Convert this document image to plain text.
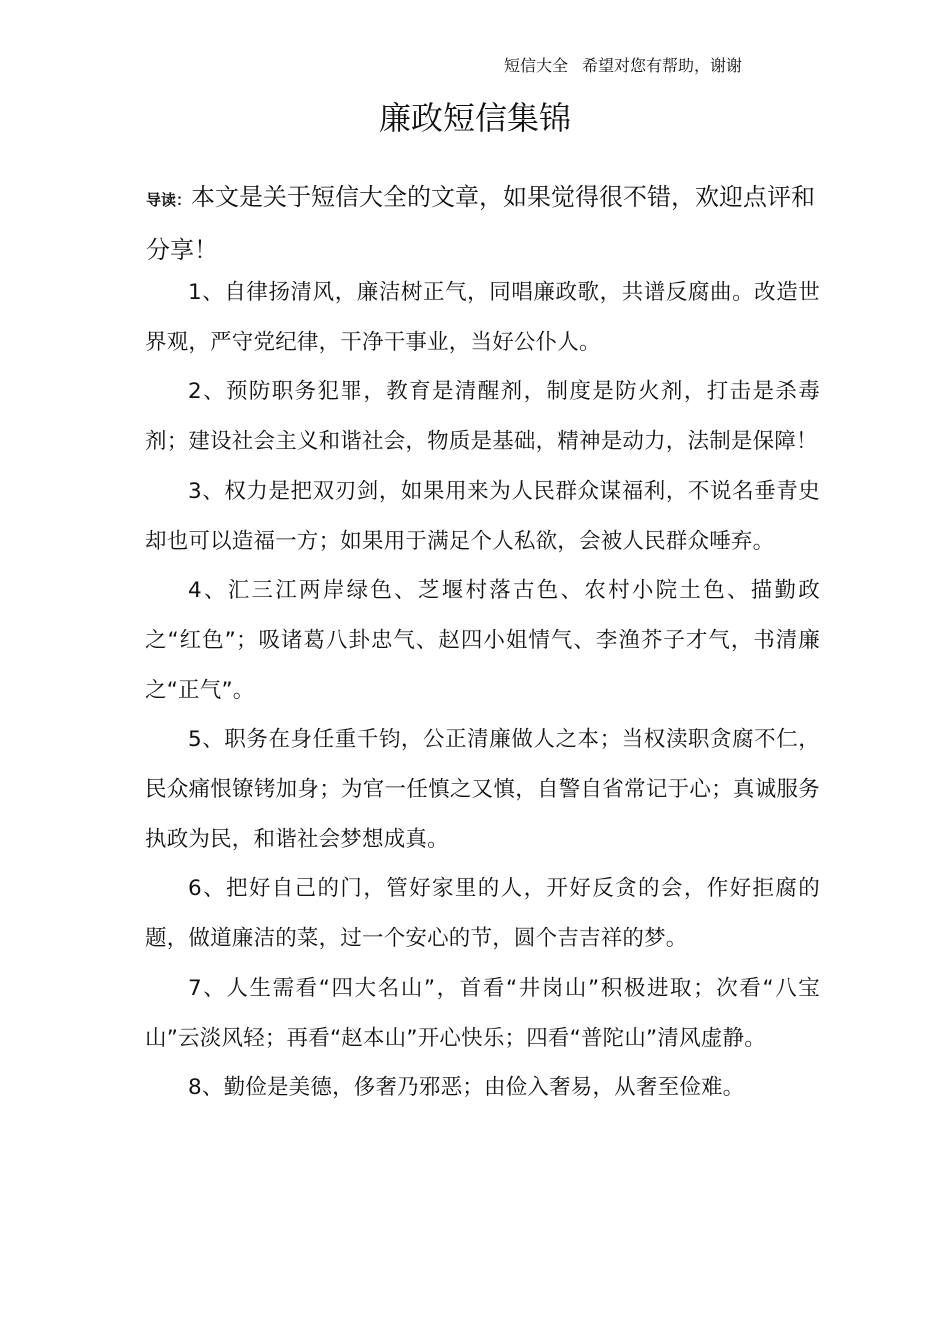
短信大全 希望对您有帮助，谢谢
廉政短信集锦

导读：本文是关于短信大全的文章，如果觉得很不错，欢迎点评和分享！

1、自律扬清风，廉洁树正气，同唱廉政歌，共谱反腐曲。改造世界观，严守党纪律，干净干事业，当好公仆人。

2、预防职务犯罪，教育是清醒剂，制度是防火剂，打击是杀毒剂；建设社会主义和谐社会，物质是基础，精神是动力，法制是保障！

3、权力是把双刃剑，如果用来为人民群众谋福利，不说名垂青史却也可以造福一方；如果用于满足个人私欲，会被人民群众唾弃。

4、汇三江两岸绿色、芝堰村落古色、农村小院土色、描勤政之“红色”；吸诸葛八卦忠气、赵四小姐情气、李渔芥子才气，书清廉之“正气”。

5、职务在身任重千钧，公正清廉做人之本；当权渎职贪腐不仁，民众痛恨镣铐加身；为官一任慎之又慎，自警自省常记于心；真诚服务执政为民，和谐社会梦想成真。

6、把好自己的门，管好家里的人，开好反贪的会，作好拒腐的题，做道廉洁的菜，过一个安心的节，圆个吉吉祥的梦。

7、人生需看“四大名山”，首看“井岗山”积极进取；次看“八宝山”云淡风轻；再看“赵本山”开心快乐；四看“普陀山”清风虚静。

8、勤俭是美德，侈奢乃邪恶；由俭入奢易，从奢至俭难。
